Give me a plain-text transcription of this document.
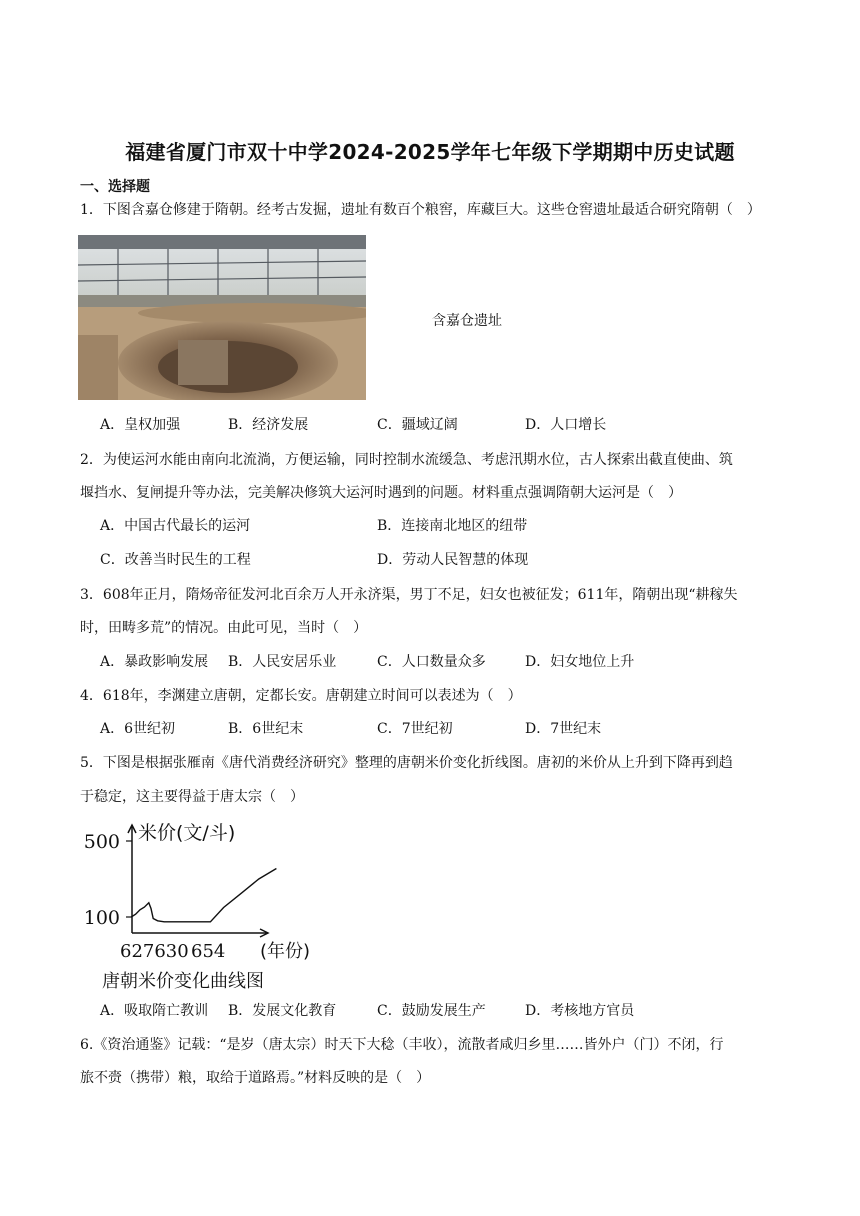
福建省厦门市双十中学2024-2025学年七年级下学期期中历史试题
一、选择题
1．下图含嘉仓修建于隋朝。经考古发掘，遗址有数百个粮窖，库藏巨大。这些仓窖遗址最适合研究隋朝（　）
含嘉仓遗址
A．皇权加强	B．经济发展	C．疆域辽阔	D．人口增长
2．为使运河水能由南向北流淌，方便运输，同时控制水流缓急、考虑汛期水位，古人探索出截直使曲、筑
堰挡水、复闸提升等办法，完美解决修筑大运河时遇到的问题。材料重点强调隋朝大运河是（　）
A．中国古代最长的运河	B．连接南北地区的纽带
C．改善当时民生的工程	D．劳动人民智慧的体现
3．608年正月，隋炀帝征发河北百余万人开永济渠，男丁不足，妇女也被征发；611年，隋朝出现“耕稼失
时，田畴多荒”的情况。由此可见，当时（　）
A．暴政影响发展 B．人民安居乐业	C．人口数量众多	D．妇女地位上升
4．618年，李渊建立唐朝，定都长安。唐朝建立时间可以表述为（　）
A．6世纪初	B．6世纪末	C．7世纪初	D．7世纪末
5．下图是根据张雁南《唐代消费经济研究》整理的唐朝米价变化折线图。唐初的米价从上升到下降再到趋
于稳定，这主要得益于唐太宗（　）
100
500
627630 654
米价(文/斗)
(年份)
唐朝米价变化曲线图
A．吸取隋亡教训 B．发展文化教育	C．鼓励发展生产	D．考核地方官员
6.《资治通鉴》记载：“是岁（唐太宗）时天下大稔（丰收），流散者咸归乡里……皆外户（门）不闭，行
旅不赍（携带）粮，取给于道路焉。”材料反映的是（　）
